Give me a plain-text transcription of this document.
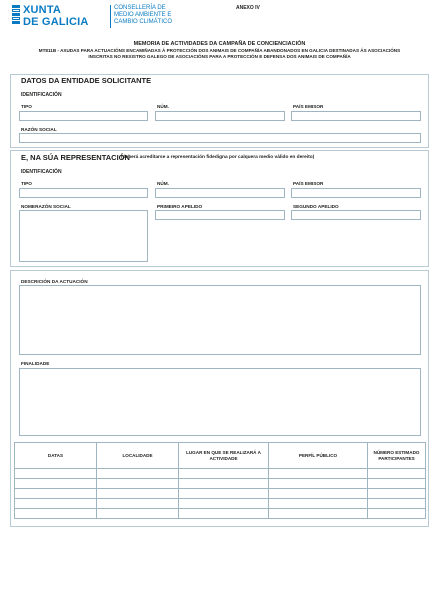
XUNTA
DE GALICIA
CONSELLERÍA DE
MEDIO AMBIENTE E
CAMBIO CLIMÁTICO
ANEXO IV
MEMORIA DE ACTIVIDADES DA CAMPAÑA DE CONCIENCIACIÓN
MT811B - AXUDAS PARA ACTUACIÓNS ENCAMIÑADAS Á PROTECCIÓN DOS ANIMAIS DE COMPAÑÍA ABANDONADOS EN GALICIA DESTINADAS ÁS ASOCIACIÓNS
INSCRITAS NO REXISTRO GALEGO DE ASOCIACIÓNS PARA A PROTECCIÓN E DEFENSA DOS ANIMAIS DE COMPAÑÍA
DATOS DA ENTIDADE SOLICITANTE
IDENTIFICACIÓN
TIPO	NÚM.	PAÍS EMISOR
RAZÓN SOCIAL
E, NA SÚA REPRESENTACIÓN
(deberá acreditarse a representación fidedigna por calquera medio válido en dereito)
IDENTIFICACIÓN
TIPO	NÚM.	PAÍS EMISOR
NOMERAZÓN SOCIAL	PRIMEIRO APELIDO	SEGUNDO APELIDO
DESCRICIÓN DA ACTUACIÓN
FINALIDADE
DATAS	LOCALIDADE	LUGAR EN QUE SE REALIZARÁ A ACTIVIDADE	PERFÍL PÚBLICO	NÚMERO ESTIMADO PARTICIPANTES
